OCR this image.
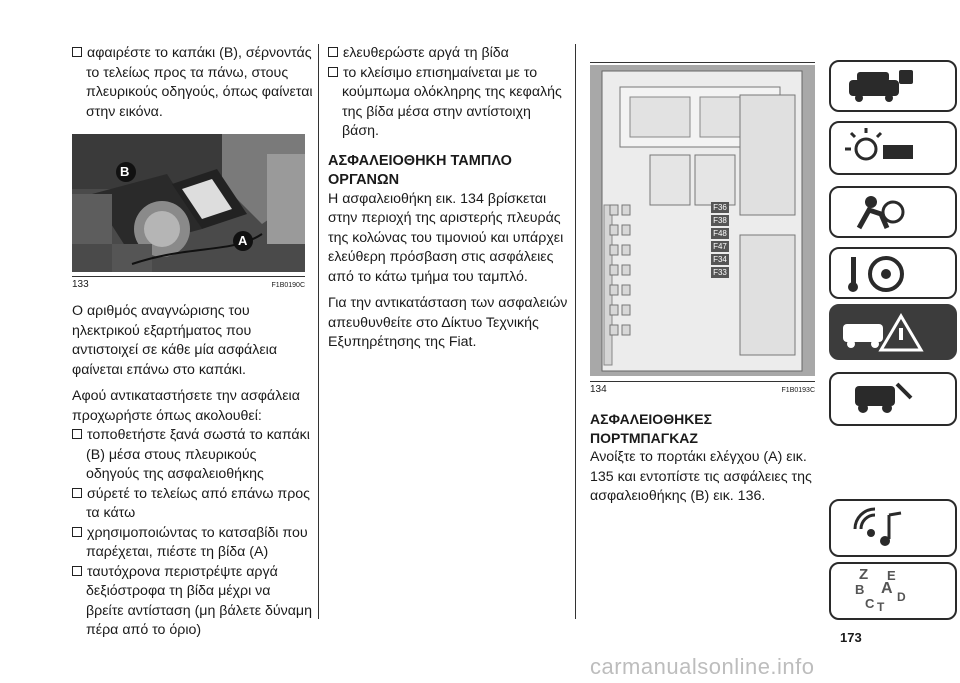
αφαιρέστε το καπάκι (B), σέρνοντάς το τελείως προς τα πάνω, στους πλευρικούς οδηγούς, όπως φαίνεται στην εικόνα.

B
A
133	F1B0190C

Ο αριθμός αναγνώρισης του ηλεκτρικού εξαρτήματος που αντιστοιχεί σε κάθε μία ασφάλεια φαίνεται επάνω στο καπάκι.

Αφού αντικαταστήσετε την ασφάλεια προχωρήστε όπως ακολουθεί:

τοποθετήστε ξανά σωστά το καπάκι (B) μέσα στους πλευρικούς οδηγούς της ασφαλειοθήκης

σύρετέ το τελείως από επάνω προς τα κάτω

χρησιμοποιώντας το κατσαβίδι που παρέχεται, πιέστε τη βίδα (A)

ταυτόχρονα περιστρέψτε αργά δεξιόστροφα τη βίδα μέχρι να βρείτε αντίσταση (μη βάλετε δύναμη πέρα από το όριο)

ελευθερώστε αργά τη βίδα

το κλείσιμο επισημαίνεται με το κούμπωμα ολόκληρης της κεφαλής της βίδα μέσα στην αντίστοιχη βάση.

ΑΣΦΑΛΕΙΟΘΗΚΗ ΤΑΜΠΛΟ ΟΡΓΑΝΩΝ

Η ασφαλειοθήκη εικ. 134 βρίσκεται στην περιοχή της αριστερής πλευράς της κολώνας του τιμονιού και υπάρχει ελεύθερη πρόσβαση στις ασφάλειες από το κάτω τμήμα του ταμπλό.

Για την αντικατάσταση των ασφαλειών απευθυνθείτε στο Δίκτυο Τεχνικής Εξυπηρέτησης της Fiat.

F36
F38
F48
F47
F34
F33
134	F1B0193C
ΑΣΦΑΛΕΙΟΘΗΚΕΣ ΠΟΡΤΜΠΑΓΚΑΖ

Ανοίξτε το πορτάκι ελέγχου (A) εικ. 135 και εντοπίστε τις ασφάλειες της ασφαλειοθήκης (B) εικ. 136.

Z E
B A
C D
T
173
carmanualsonline.info
